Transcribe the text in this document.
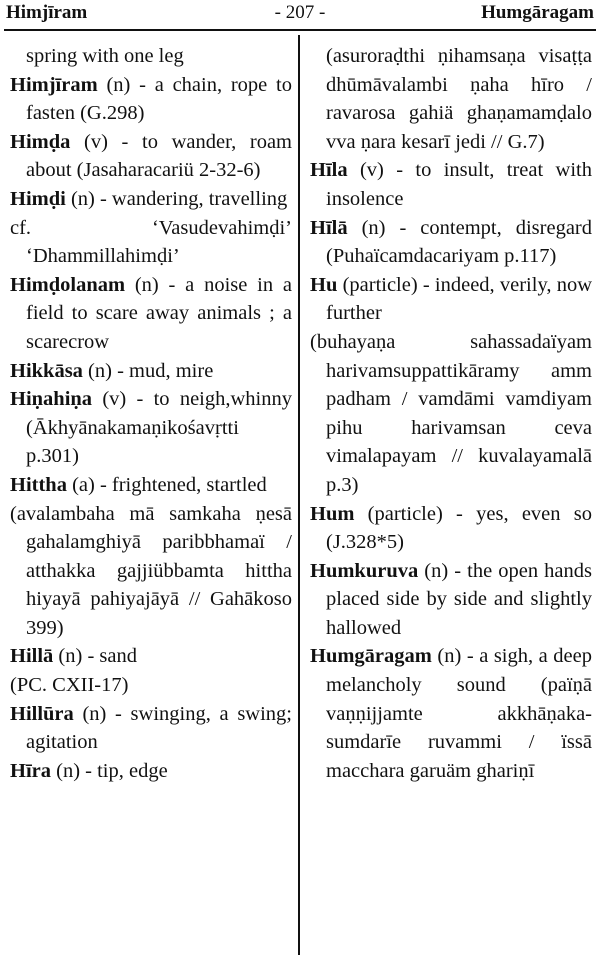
Himjīram	- 207 -	Humgāragam

spring with one leg

Himjīram (n) - a chain, rope to fasten (G.298)

Himḍa (v) - to wander, roam about (Jasaharacariü 2-32-6)

Himḍi (n) - wandering, travelling
cf. ‘Vasudevahimḍi’ ‘Dhammillahimḍi’

Himḍolanam (n) - a noise in a field to scare away animals ; a scarecrow

Hikkāsa (n) - mud, mire

Hiṇahiṇa (v) - to neigh,whinny (Ākhyānakamaṇikośavṛtti p.301)

Hittha (a) - frightened, startled
(avalambaha mā samkaha ṇesā gahalamghiyā paribbhamaï / atthakka gajjiübbamta hittha hiyayā pahiyajāyā // Gahākoso 399)

Hillā (n) - sand
(PC. CXII-17)

Hillūra (n) - swinging, a swing; agitation

Hīra (n) - tip, edge

(asuroraḍthi ṇihamsaṇa visaṭṭa dhūmāvalambi ṇaha hīro / ravarosa gahiä ghaṇamamḍalo vva ṇara kesarī jedi // G.7)

Hīla (v) - to insult, treat with insolence

Hīlā (n) - contempt, disregard (Puhaïcamdacariyam p.117)

Hu (particle) - indeed, verily, now further
(buhayaṇa sahassadaïyam harivamsuppattikāramy amm padham / vamdāmi vamdiyam pihu harivamsan ceva vimalapayam // kuvalayamalā p.3)

Hum (particle) - yes, even so (J.328*5)

Humkuruva (n) - the open hands placed side by side and slightly hallowed

Humgāragam (n) - a sigh, a deep melancholy sound (païṇā vaṇṇijjamte akkhāṇaka-sumdarīe ruvammi / ïssā macchara garuäm ghariṇī
